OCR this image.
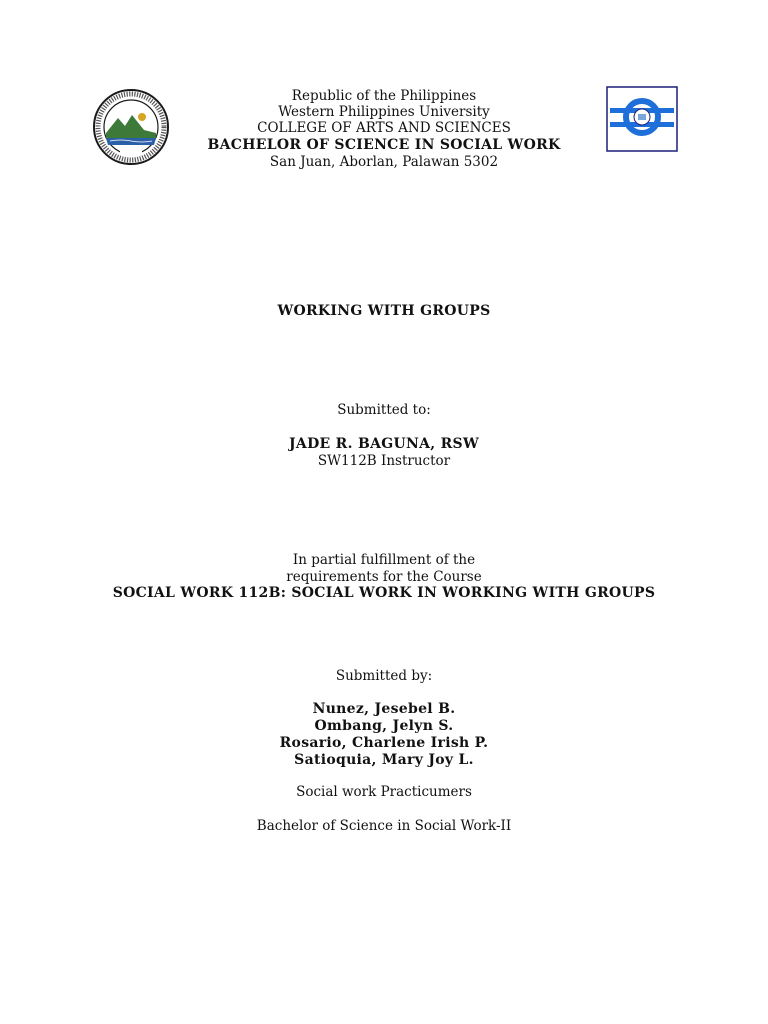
Republic of the Philippines
Western Philippines University
COLLEGE OF ARTS AND SCIENCES
BACHELOR OF SCIENCE IN SOCIAL WORK
San Juan, Aborlan, Palawan 5302
WORKING WITH GROUPS
Submitted to:
JADE R. BAGUNA, RSW
SW112B Instructor
In partial fulfillment of the
requirements for the Course
SOCIAL WORK 112B: SOCIAL WORK IN WORKING WITH GROUPS
Submitted by:
Nunez, Jesebel B.
Ombang, Jelyn S.
Rosario, Charlene Irish P.
Satioquia, Mary Joy L.
Social work Practicumers
Bachelor of Science in Social Work-II
